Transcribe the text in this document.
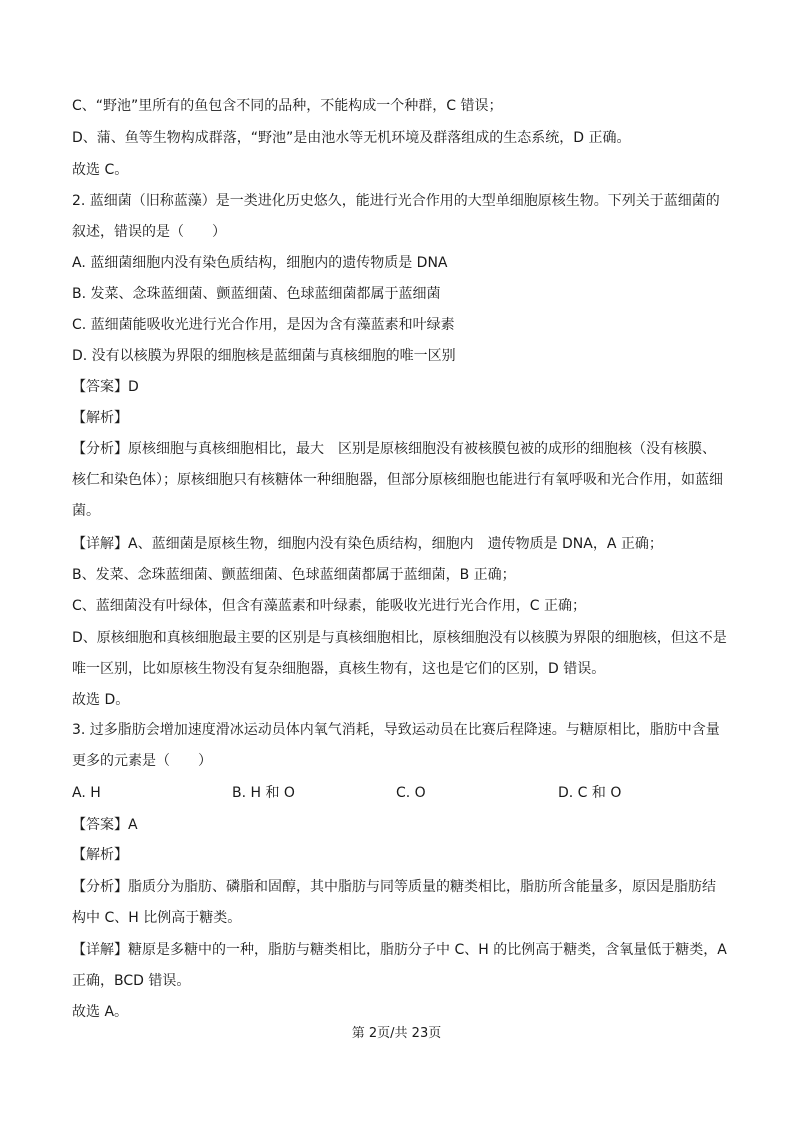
C、“野池”里所有的鱼包含不同的品种，不能构成一个种群，C 错误；
D、蒲、鱼等生物构成群落，“野池”是由池水等无机环境及群落组成的生态系统，D 正确。
故选 C。
2. 蓝细菌（旧称蓝藻）是一类进化历史悠久，能进行光合作用的大型单细胞原核生物。下列关于蓝细菌的
叙述，错误的是（　　）
A. 蓝细菌细胞内没有染色质结构，细胞内的遗传物质是 DNA
B. 发菜、念珠蓝细菌、颤蓝细菌、色球蓝细菌都属于蓝细菌
C. 蓝细菌能吸收光进行光合作用，是因为含有藻蓝素和叶绿素
D. 没有以核膜为界限的细胞核是蓝细菌与真核细胞的唯一区别
【答案】D
【解析】
【分析】原核细胞与真核细胞相比，最大　区别是原核细胞没有被核膜包被的成形的细胞核（没有核膜、
核仁和染色体）；原核细胞只有核糖体一种细胞器，但部分原核细胞也能进行有氧呼吸和光合作用，如蓝细
菌。
【详解】A、蓝细菌是原核生物，细胞内没有染色质结构，细胞内　遗传物质是 DNA，A 正确；
B、发菜、念珠蓝细菌、颤蓝细菌、色球蓝细菌都属于蓝细菌，B 正确；
C、蓝细菌没有叶绿体，但含有藻蓝素和叶绿素，能吸收光进行光合作用，C 正确；
D、原核细胞和真核细胞最主要的区别是与真核细胞相比，原核细胞没有以核膜为界限的细胞核，但这不是
唯一区别，比如原核生物没有复杂细胞器，真核生物有，这也是它们的区别，D 错误。
故选 D。
3. 过多脂肪会增加速度滑冰运动员体内氧气消耗，导致运动员在比赛后程降速。与糖原相比，脂肪中含量
更多的元素是（　　）
A. H	B. H 和 O	C. O	D. C 和 O
【答案】A
【解析】
【分析】脂质分为脂肪、磷脂和固醇，其中脂肪与同等质量的糖类相比，脂肪所含能量多，原因是脂肪结
构中 C、H 比例高于糖类。
【详解】糖原是多糖中的一种，脂肪与糖类相比，脂肪分子中 C、H 的比例高于糖类，含氧量低于糖类，A
正确，BCD 错误。
故选 A。
第 2页/共 23页
